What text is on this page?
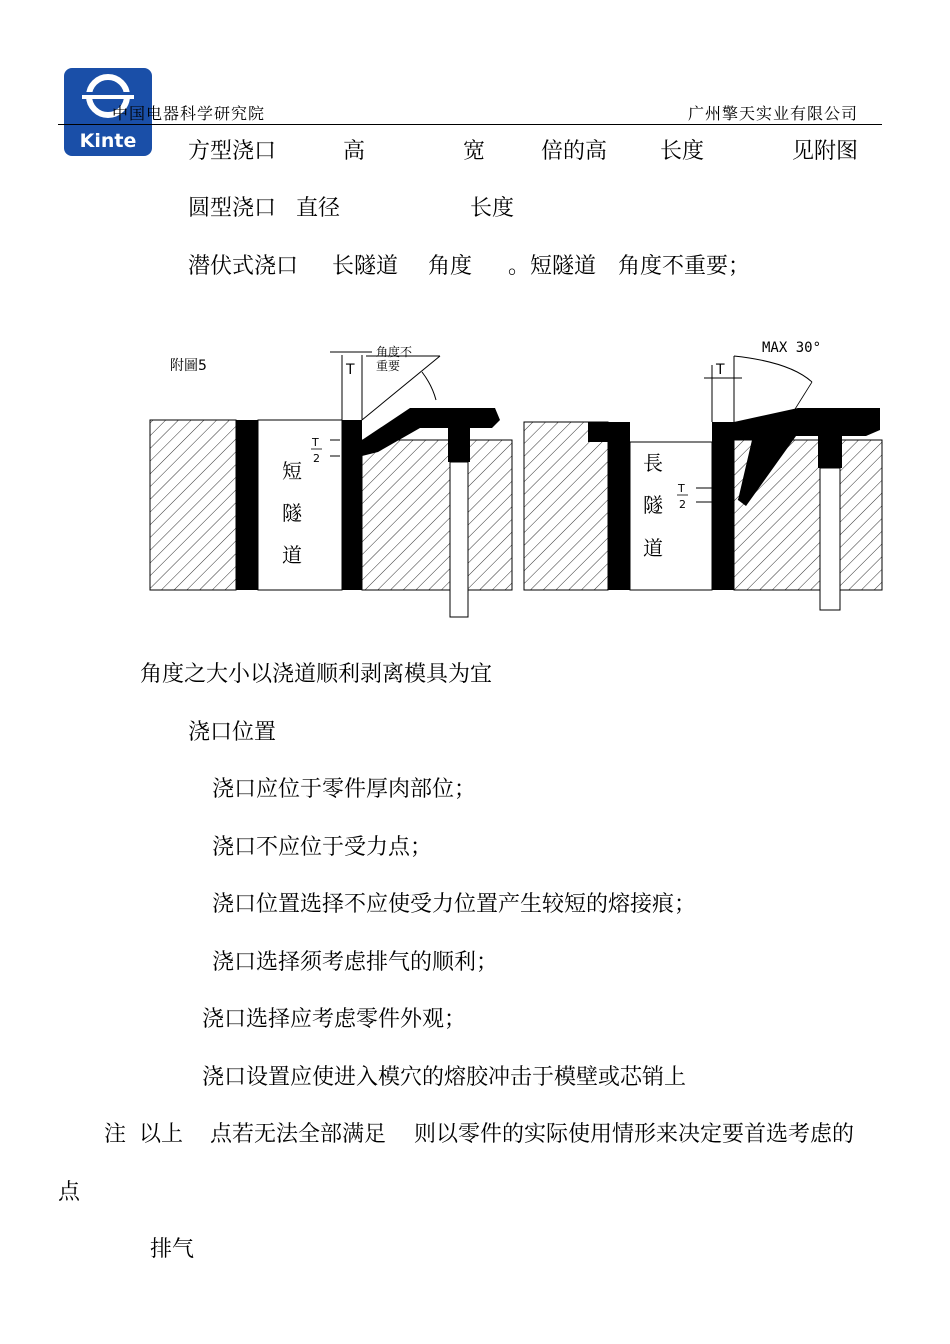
Kinte
中国电器科学研究院	广州擎天实业有限公司
方型浇口	高	宽	倍的高 长度	见附图
圆型浇口 直径	长度
潜伏式浇口 长隧道 角度 。短隧道 角度不重要；
附圖5	T
角度不
重要
T
2
短
隧
道
T
MAX 30°
T
2
長
隧
道
角度之大小以浇道顺利剥离模具为宜
浇口位置
浇口应位于零件厚肉部位；
浇口不应位于受力点；
浇口位置选择不应使受力位置产生较短的熔接痕；
浇口选择须考虑排气的顺利；
浇口选择应考虑零件外观；
浇口设置应使进入模穴的熔胶冲击于模壁或芯销上
注 以上 点若无法全部满足 则以零件的实际使用情形来决定要首选考虑的
点
排气
